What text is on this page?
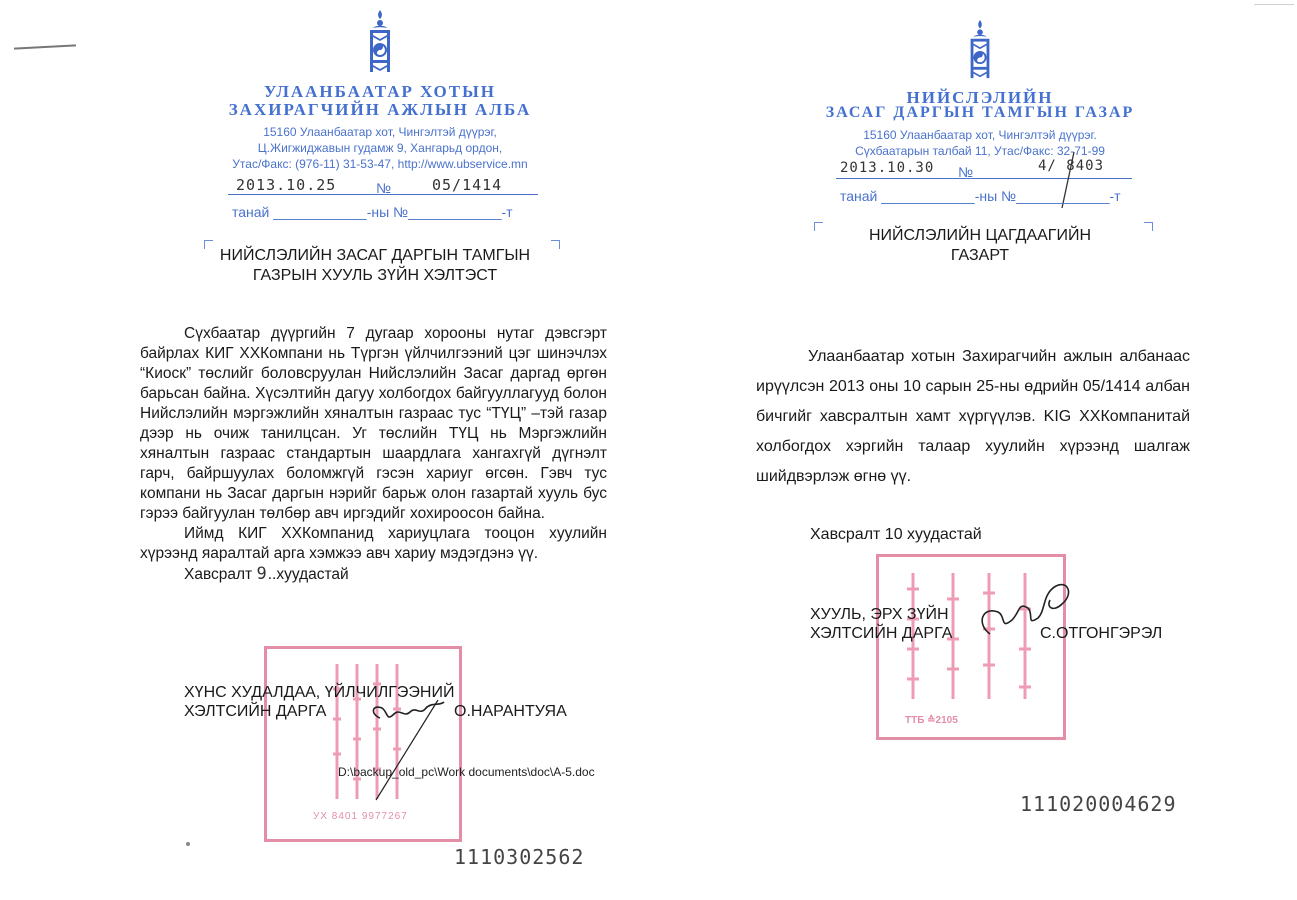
УЛААНБААТАР ХОТЫН
ЗАХИРАГЧИЙН АЖЛЫН АЛБА
15160 Улаанбаатар хот, Чингэлтэй дүүрэг,
Ц.Жигжиджавын гудамж 9, Хангарьд ордон,
Утас/Факс: (976-11) 31-53-47, http://www.ubservice.mn
2013.10.25	№	05/1414
танай ____________-ны №____________-т
НИЙСЛЭЛИЙН ЗАСАГ ДАРГЫН ТАМГЫН
ГАЗРЫН ХУУЛЬ ЗҮЙН ХЭЛТЭСТ

Сүхбаатар дүүргийн 7 дугаар хорооны нутаг дэвсгэрт байрлах КИГ ХХКомпани нь Түргэн үйлчилгээний цэг шинэчлэх “Киоск” төслийг боловсруулан Нийслэлийн Засаг даргад өргөн барьсан байна. Хүсэлтийн дагуу холбогдох байгууллагууд болон Нийслэлийн мэргэжлийн хяналтын газраас тус “ТҮЦ” –тэй газар дээр нь очиж танилцсан. Уг төслийн ТҮЦ нь Мэргэжлийн хяналтын газраас стандартын шаардлага хангахгүй дүгнэлт гарч, байршуулах боломжгүй гэсэн хариуг өгсөн. Гэвч тус компани нь Засаг даргын нэрийг барьж олон газартай хууль бус гэрээ байгуулан төлбөр авч иргэдийг хохироосон байна.

Иймд КИГ ХХКомпанид хариуцлага тооцон хуулийн хүрээнд яаралтай арга хэмжээ авч хариу мэдэгдэнэ үү.

Хавсралт 9..хуудастай

УХ 8401 9977267
ХҮНС ХУДАЛДАА, ҮЙЛЧИЛГЭЭНИЙ
ХЭЛТСИЙН ДАРГА	О.НАРАНТУЯА
D:\backup_old_pc\Work documents\doc\A-5.doc
1110302562
НИЙСЛЭЛИЙН
ЗАСАГ ДАРГЫН ТАМГЫН ГАЗАР
15160 Улаанбаатар хот, Чингэлтэй дүүрэг.
Сүхбаатарын талбай 11, Утас/Факс: 32-71-99
2013.10.30 №	4/ 8403
танай ____________-ны №____________-т
НИЙСЛЭЛИЙН ЦАГДААГИЙН
ГАЗАРТ

Улаанбаатар хотын Захирагчийн ажлын албанаас ирүүлсэн 2013 оны 10 сарын 25-ны өдрийн 05/1414 албан бичгийг хавсралтын хамт хүргүүлэв. KIG ХХКомпанитай холбогдох хэргийн талаар хуулийн хүрээнд шалгаж шийдвэрлэж өгнө үү.

Хавсралт 10 хуудастай
ТТБ ≙2105
ХУУЛЬ, ЭРХ ЗҮЙН
ХЭЛТСИЙН ДАРГА	С.ОТГОНГЭРЭЛ
111020004629
